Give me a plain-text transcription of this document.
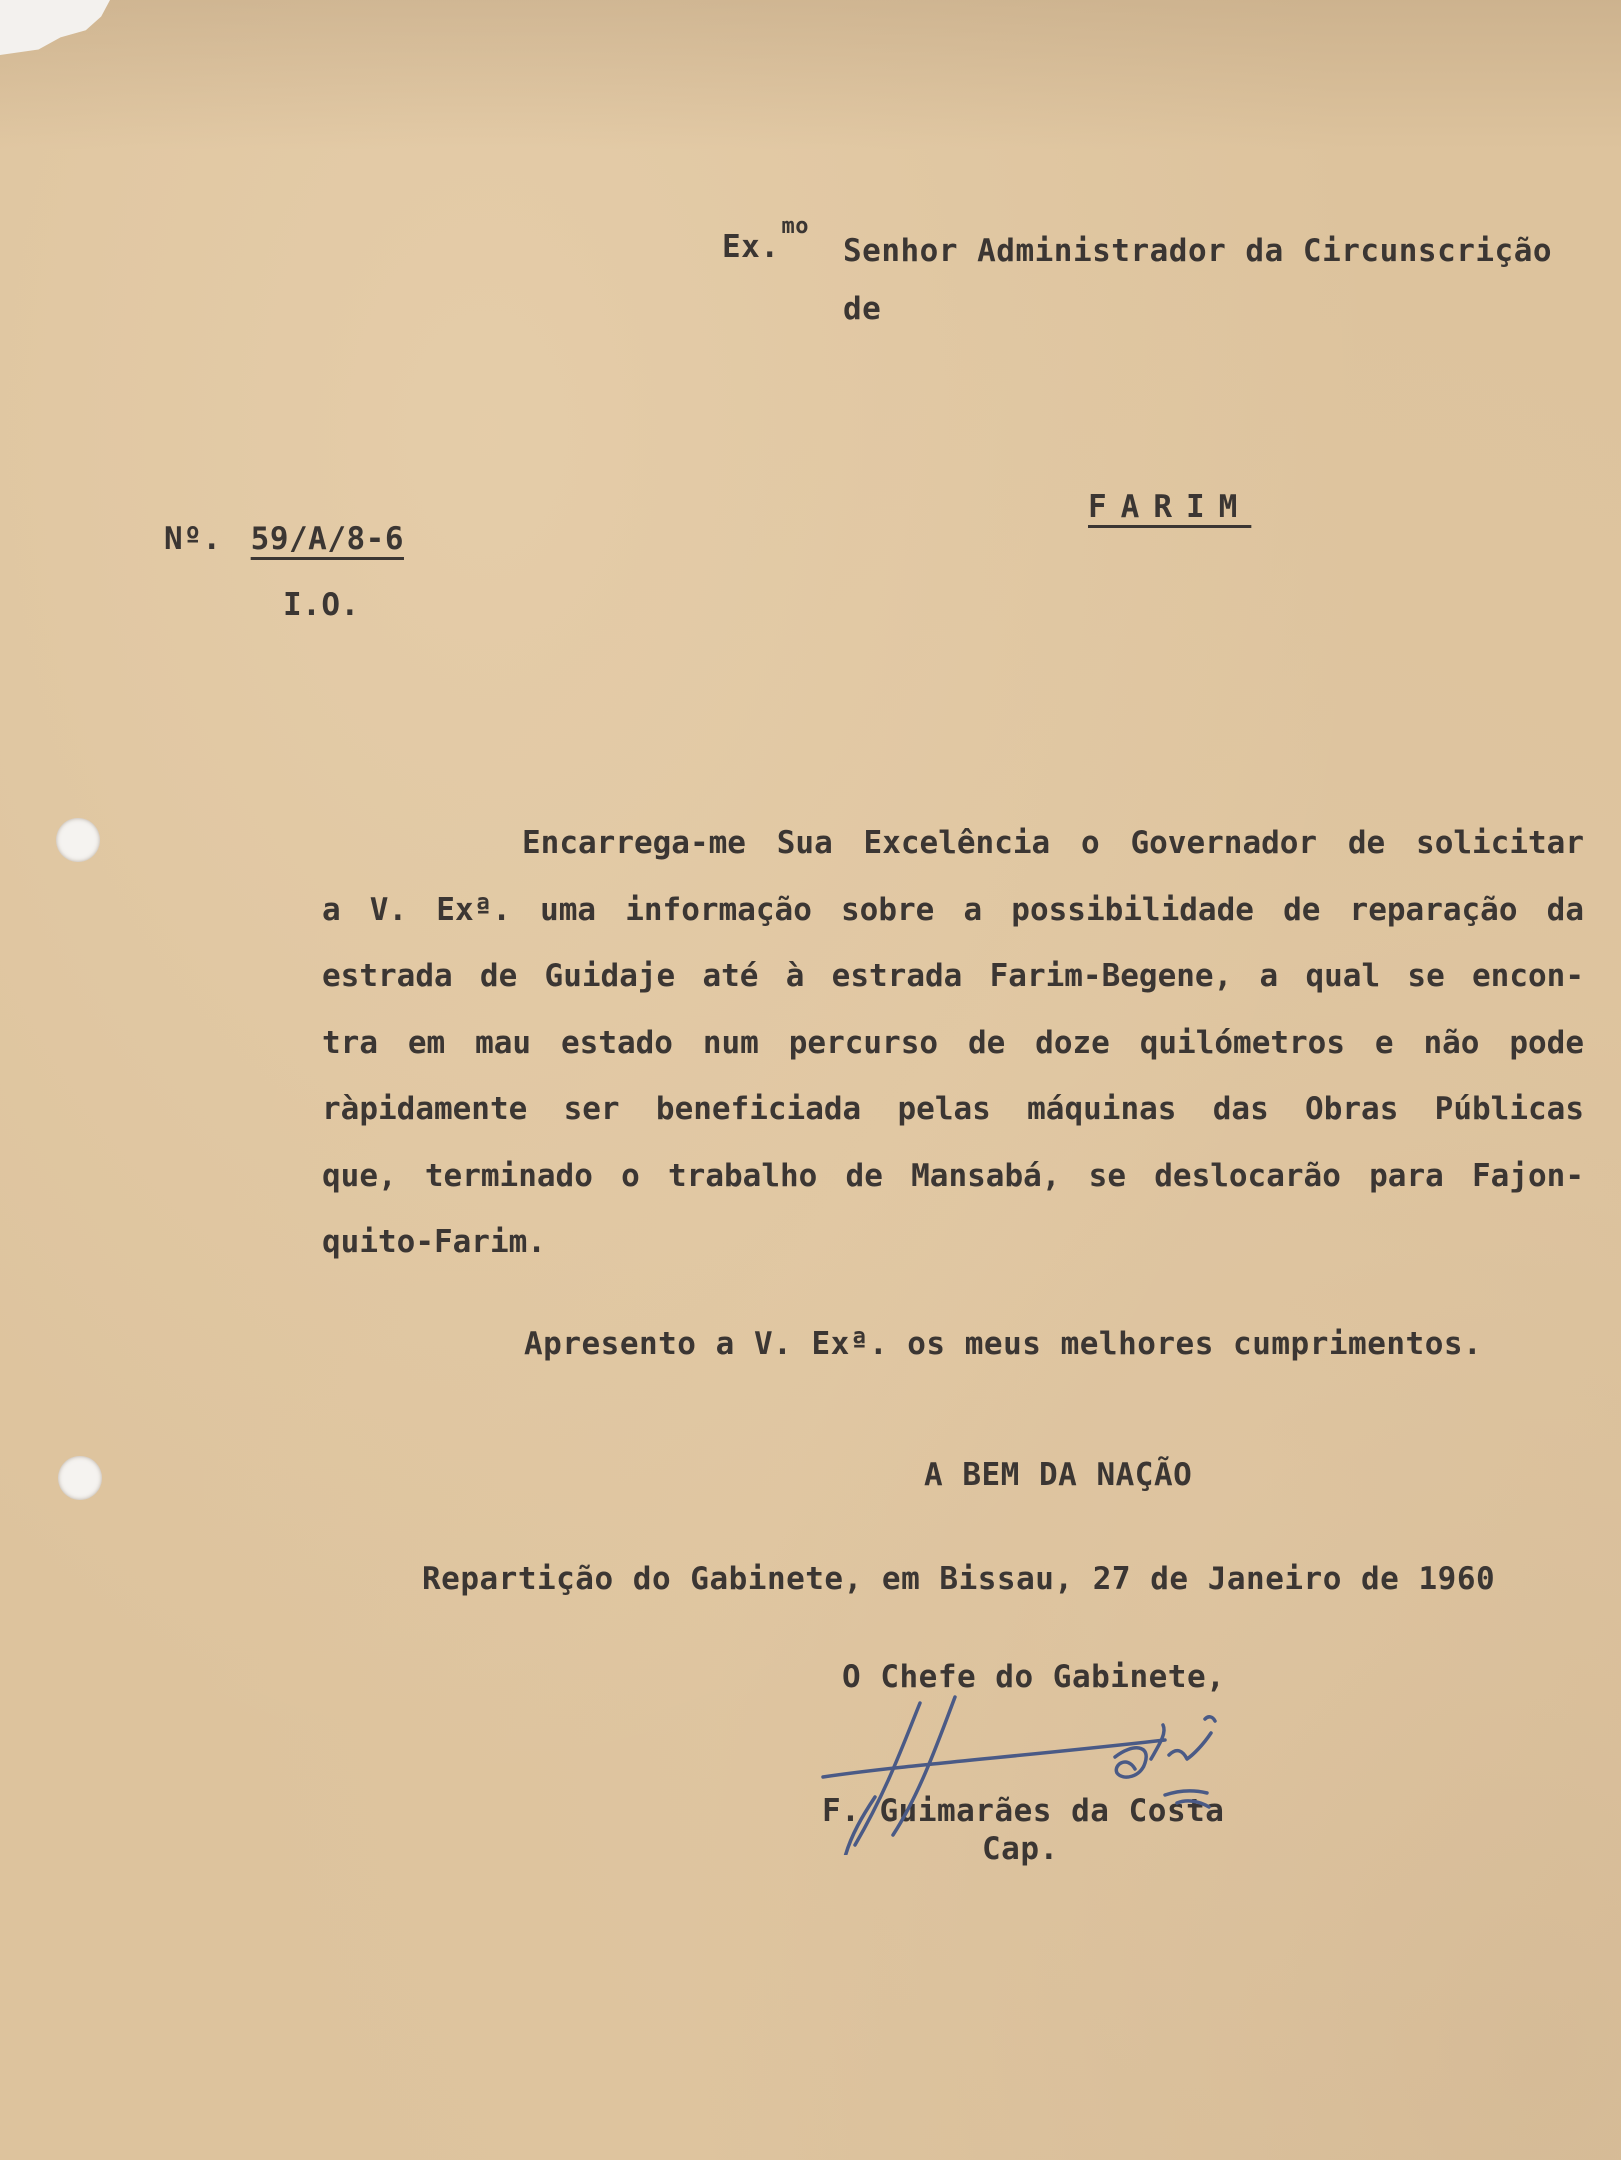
Ex.$^{mo}$
Senhor Administrador da Circunscrição
de
FARIM
Nº. 59/A/8-6
I.O.
Encarrega-me Sua Excelência o Governador de solicitar
a V. Exª. uma informação sobre a possibilidade de reparação da
estrada de Guidaje até à estrada Farim-Begene, a qual se encon-
tra em mau estado num percurso de doze quilómetros e não pode
ràpidamente ser beneficiada pelas máquinas das Obras Públicas
que, terminado o trabalho de Mansabá, se deslocarão para Fajon-
quito-Farim.
Apresento a V. Exª. os meus melhores cumprimentos.
A BEM DA NAÇÃO
Repartição do Gabinete, em Bissau, 27 de Janeiro de 1960
O Chefe do Gabinete,
F. Guimarães da Costa
Cap.
